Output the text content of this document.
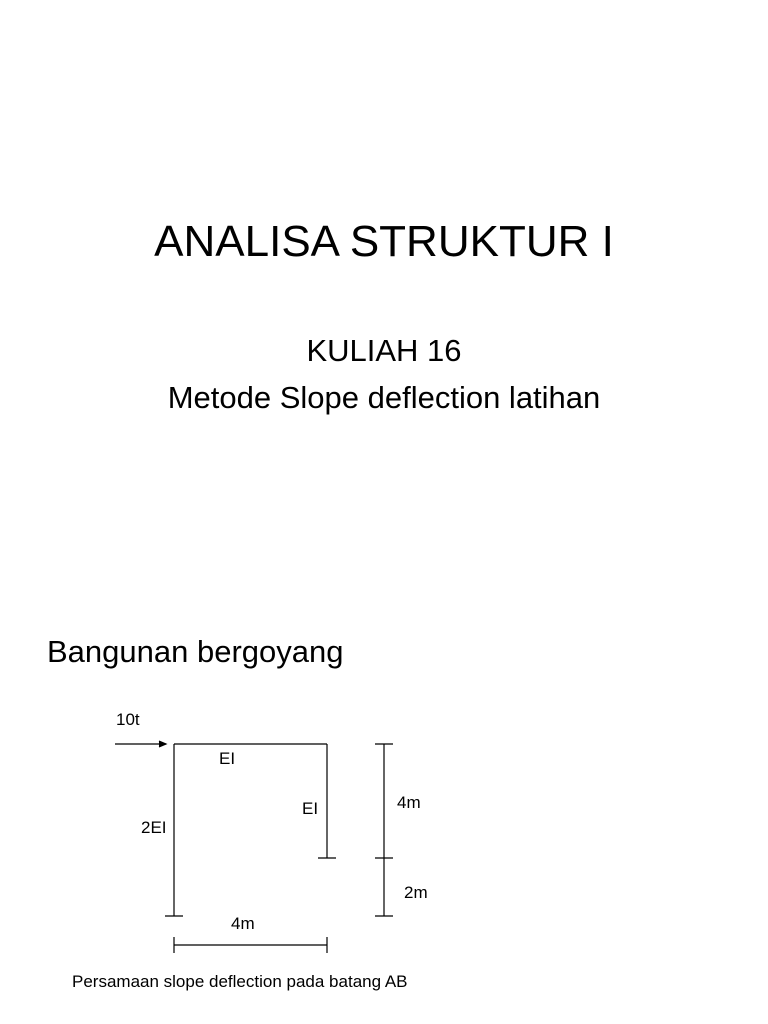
ANALISA STRUKTUR I
KULIAH 16
Metode Slope deflection latihan
Bangunan bergoyang
10t
EI
EI
2EI
4m
2m
4m
Persamaan slope deflection pada batang AB
